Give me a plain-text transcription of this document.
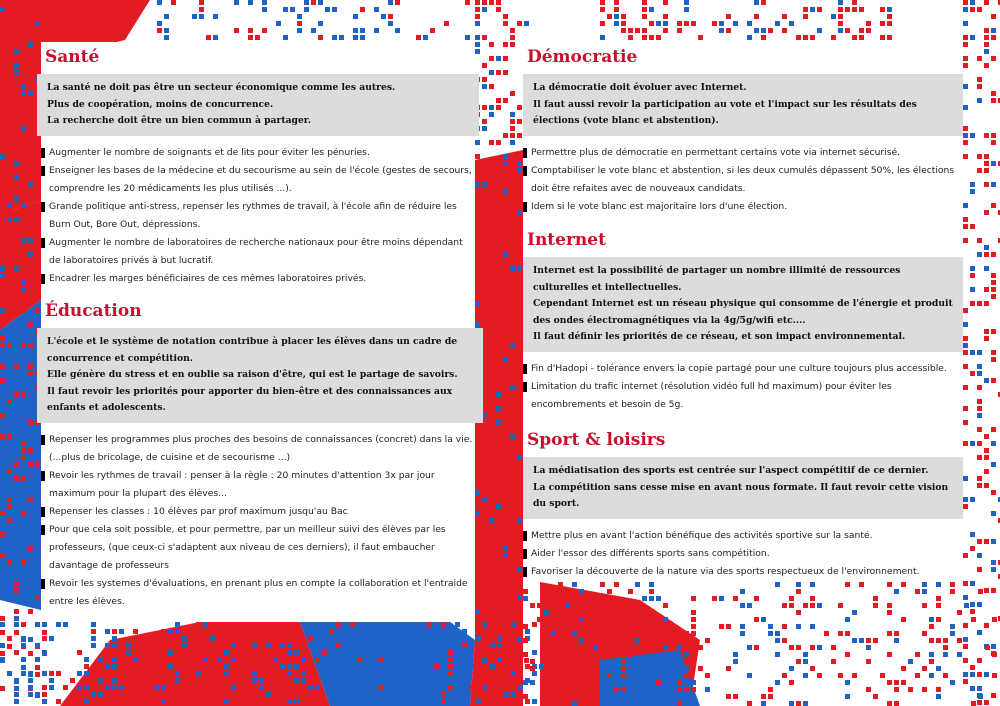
Santé

La santé ne doit pas être un secteur économique comme les autres.

Plus de coopération, moins de concurrence.

La recherche doit être un bien commun à partager.

Augmenter le nombre de soignants et de lits pour éviter les pénuries.
Enseigner les bases de la médecine et du secourisme au sein de l'école (gestes de secours, comprendre les 20 médicaments les plus utilisés ...).
Grande politique anti-stress, repenser les rythmes de travail, à l'école afin de réduire les Burn Out, Bore Out, dépressions.
Augmenter le nombre de laboratoires de recherche nationaux pour être moins dépendant de laboratoires privés à but lucratif.
Encadrer les marges bénéficiaires de ces mêmes laboratoires privés.
Éducation

L'école et le système de notation contribue à placer les élèves dans un cadre de concurrence et compétition.

Elle génère du stress et en oublie sa raison d'être, qui est le partage de savoirs.

Il faut revoir les priorités pour apporter du bien-être et des connaissances aux enfants et adolescents.

Repenser les programmes plus proches des besoins de connaissances (concret) dans la vie. (...plus de bricolage, de cuisine et de secourisme ...)
Revoir les rythmes de travail : penser à la règle : 20 minutes d'attention 3x par jour maximum pour la plupart des élèves...
Repenser les classes : 10 élèves par prof maximum jusqu'au Bac
Pour que cela soit possible, et pour permettre, par un meilleur suivi des élèves par les professeurs, (que ceux-ci s'adaptent aux niveau de ces derniers), il faut embaucher davantage de professeurs
Revoir les systemes d'évaluations, en prenant plus en compte la collaboration et l'entraide entre les élèves.
Démocratie

La démocratie doit évoluer avec Internet.

Il faut aussi revoir la participation au vote et l'impact sur les résultats des élections (vote blanc et abstention).

Permettre plus de démocratie en permettant certains vote via internet sécurisé.
Comptabiliser le vote blanc et abstention, si les deux cumulés dépassent 50%, les élections doit être refaites avec de nouveaux candidats.
Idem si le vote blanc est majoritaire lors d'une élection.
Internet

Internet est la possibilité de partager un nombre illimité de ressources culturelles et intellectuelles.

Cependant Internet est un réseau physique qui consomme de l'énergie et produit des ondes électromagnétiques via la 4g/5g/wifi etc....

Il faut définir les priorités de ce réseau, et son impact environnemental.

Fin d'Hadopi - tolérance envers la copie partagé pour une culture toujours plus accessible.
Limitation du trafic internet (résolution vidéo full hd maximum) pour éviter les encombrements et besoin de 5g.
Sport & loisirs

La médiatisation des sports est centrée sur l'aspect compétitif de ce dernier.

La compétition sans cesse mise en avant nous formate. Il faut revoir cette vision du sport.

Mettre plus en avant l'action bénéfique des activités sportive sur la santé.
Aider l'essor des différents sports sans compétition.
Favoriser la découverte de la nature via des sports respectueux de l'environnement.
